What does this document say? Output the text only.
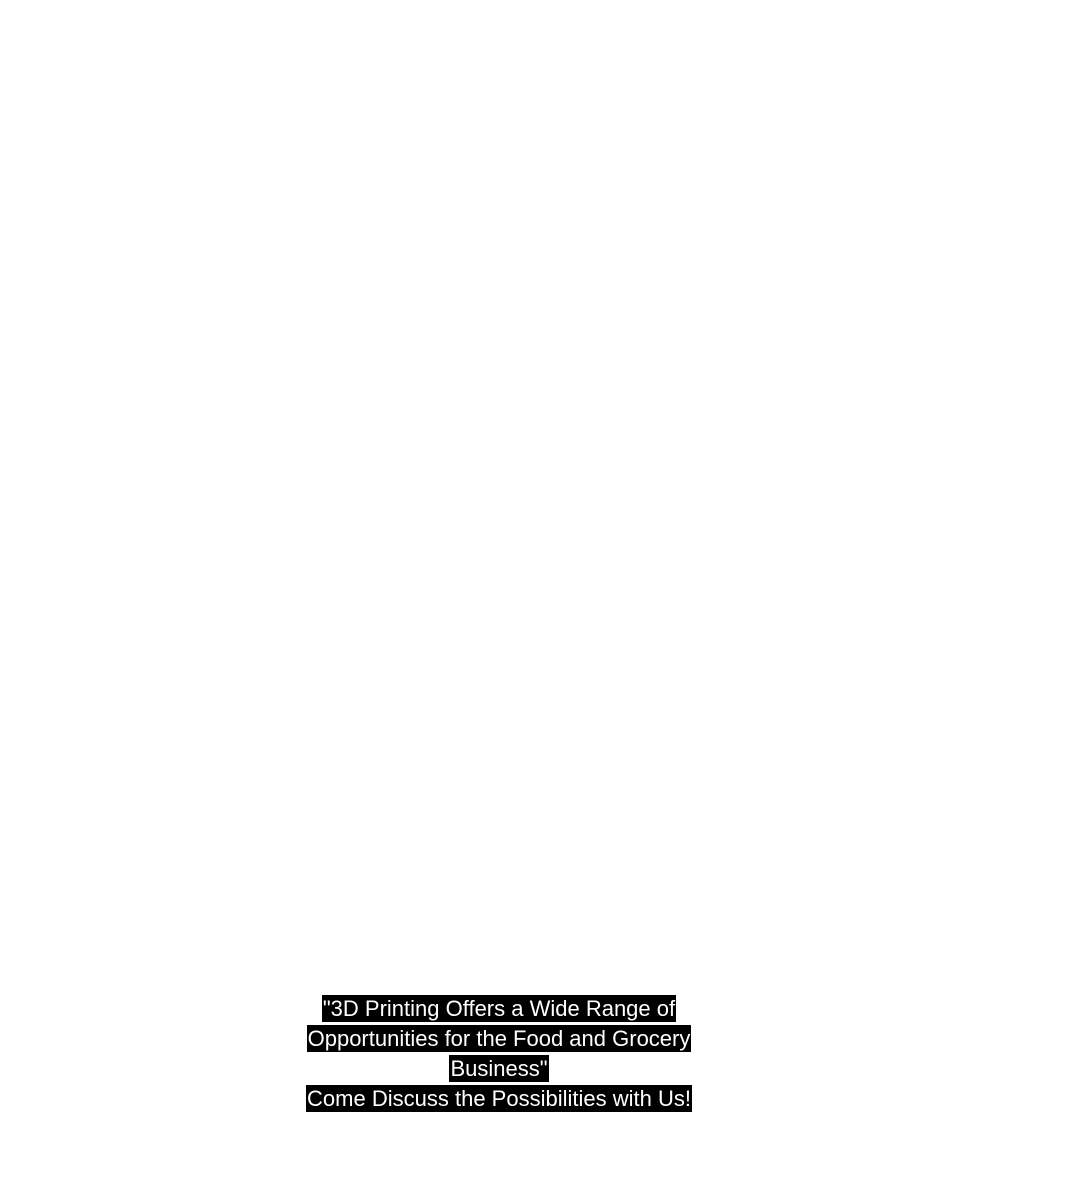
"3D Printing Offers a Wide Range of
Opportunities for the Food and Grocery
Business"
Come Discuss the Possibilities with Us!
